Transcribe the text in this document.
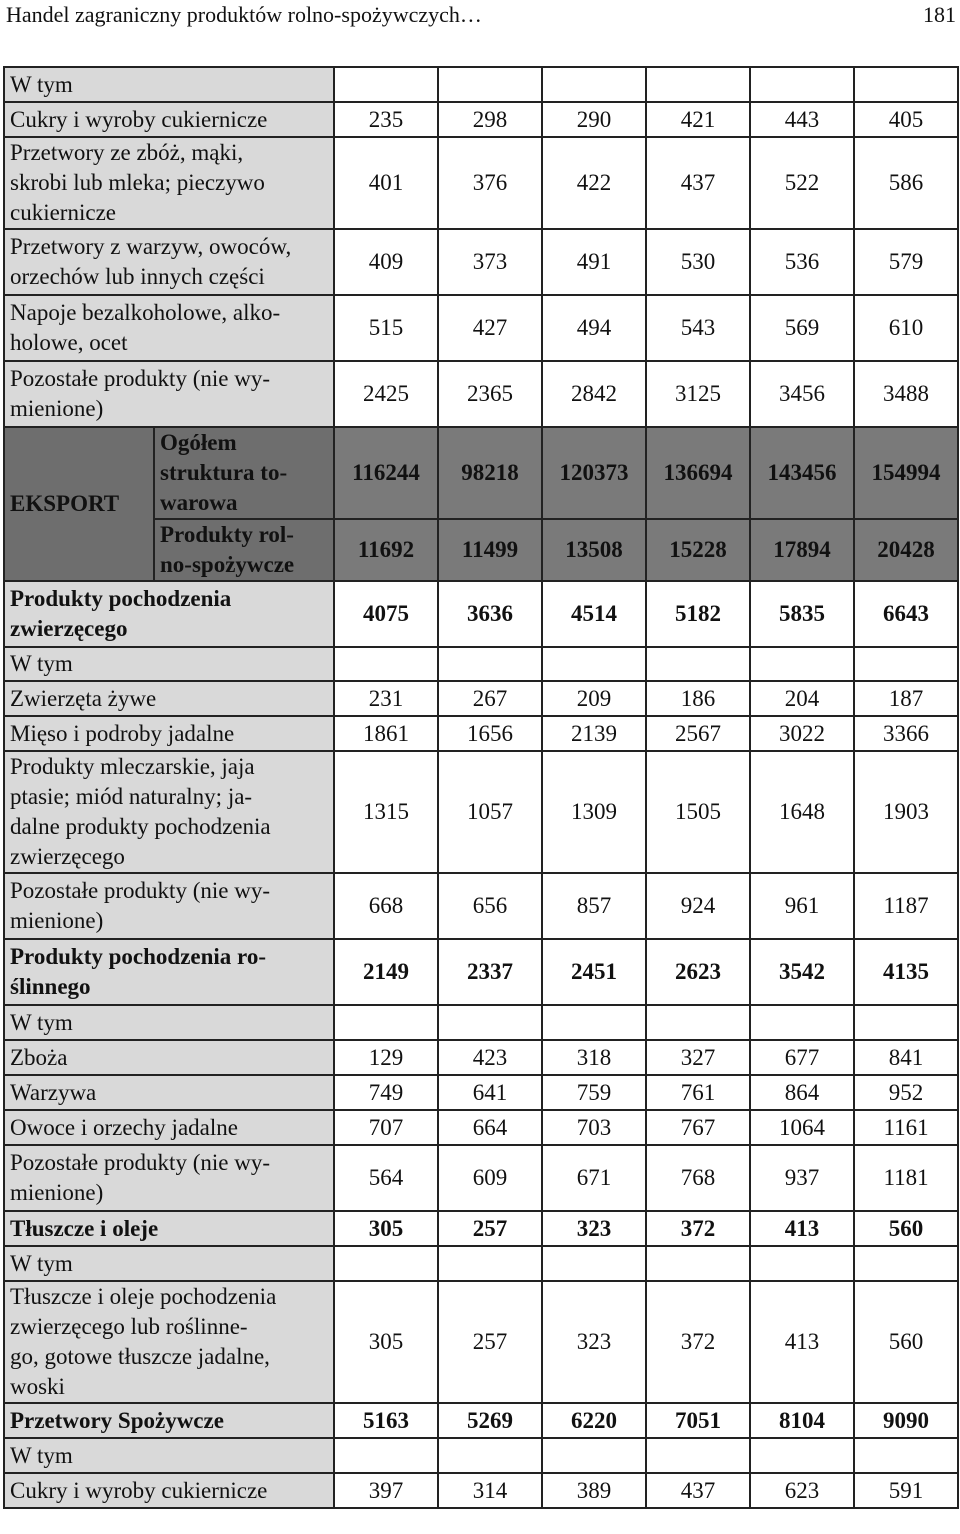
Handel zagraniczny produktów rolno-spożywczych…	181
W tym							
Cukry i wyroby cukiernicze		235	298	290	421	443	405

Przetwory ze zbóż, mąki,
skrobi lub mleka; pieczywo
cukiernicze		401	376	422	437	522	586

Przetwory z warzyw, owoców,
orzechów lub innych części		409	373	491	530	536	579

Napoje bezalkoholowe, alko-
holowe, ocet		515	427	494	543	569	610

Pozostałe produkty (nie wy-
mienione)		2425	2365	2842	3125	3456	3488
EKSPORT	Ogółem
struktura to-
warowa	116244	98218	120373	136694	143456	154994

	Produkty rol-
no-spożywcze	11692	11499	13508	15228	17894	20428

Produkty pochodzenia
zwierzęcego		4075	3636	4514	5182	5835	6643
W tym							
Zwierzęta żywe		231	267	209	186	204	187
Mięso i podroby jadalne		1861	1656	2139	2567	3022	3366

Produkty mleczarskie, jaja
ptasie; miód naturalny; ja-
dalne produkty pochodzenia
zwierzęcego		1315	1057	1309	1505	1648	1903

Pozostałe produkty (nie wy-
mienione)		668	656	857	924	961	1187

Produkty pochodzenia ro-
ślinnego		2149	2337	2451	2623	3542	4135
W tym							
Zboża		129	423	318	327	677	841
Warzywa		749	641	759	761	864	952
Owoce i orzechy jadalne		707	664	703	767	1064	1161

Pozostałe produkty (nie wy-
mienione)		564	609	671	768	937	1181
Tłuszcze i oleje		305	257	323	372	413	560
W tym							

Tłuszcze i oleje pochodzenia
zwierzęcego lub roślinne-
go, gotowe tłuszcze jadalne,
woski		305	257	323	372	413	560
Przetwory Spożywcze		5163	5269	6220	7051	8104	9090
W tym							
Cukry i wyroby cukiernicze		397	314	389	437	623	591
